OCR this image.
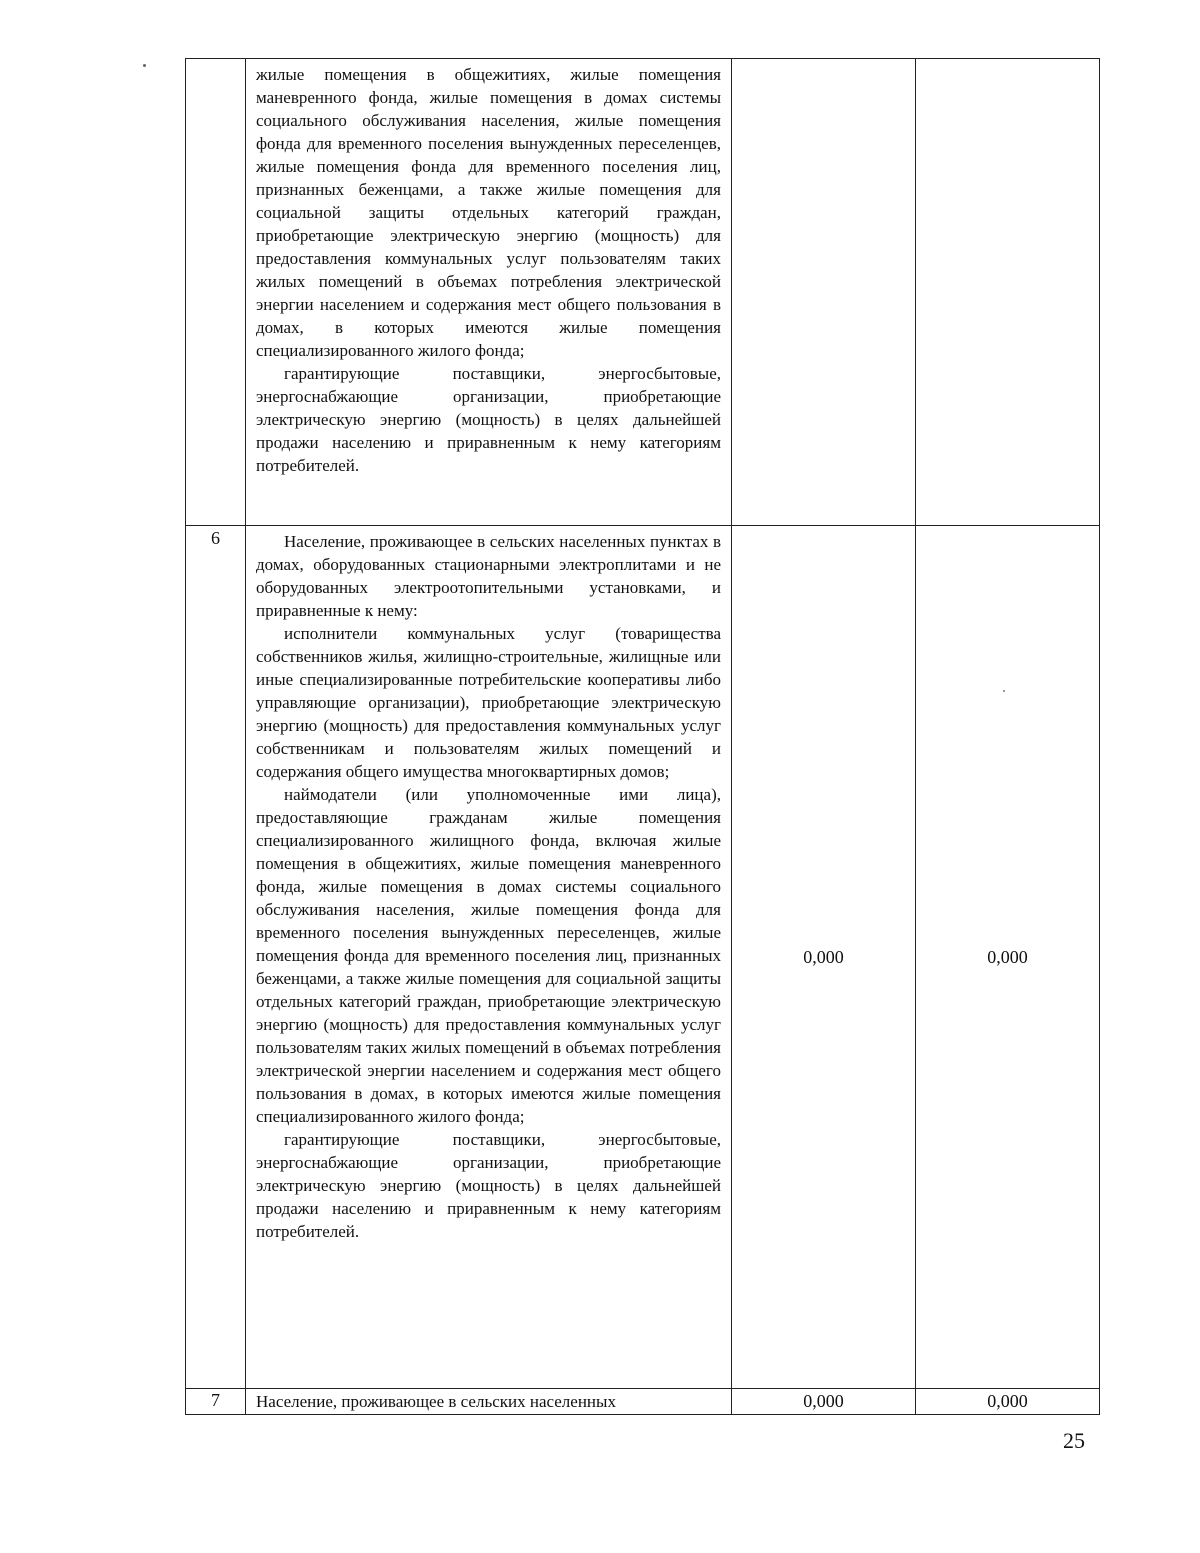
	жилые помещения в общежитиях, жилые помещения маневренного фонда, жилые помещения в домах системы социального обслуживания населения, жилые помещения фонда для временного поселения вынужденных переселенцев, жилые помещения фонда для временного поселения лиц, признанных беженцами, а также жилые помещения для социальной защиты отдельных категорий граждан, приобретающие электрическую энергию (мощность) для предоставления коммунальных услуг пользователям таких жилых помещений в объемах потребления электрической энергии населением и содержания мест общего пользования в домах, в которых имеются жилые помещения специализированного жилого фонда;

гарантирующие поставщики, энергосбытовые, энергоснабжающие организации, приобретающие электрическую энергию (мощность) в целях дальнейшей продажи населению и приравненным к нему категориям потребителей.		

6	Население, проживающее в сельских населенных пунктах в домах, оборудованных стационарными электроплитами и не оборудованных электроотопительными установками, и приравненные к нему:

исполнители коммунальных услуг (товарищества собственников жилья, жилищно-строительные, жилищные или иные специализированные потребительские кооперативы либо управляющие организации), приобретающие электрическую энергию (мощность) для предоставления коммунальных услуг собственникам и пользователям жилых помещений и содержания общего имущества многоквартирных домов;

наймодатели (или уполномоченные ими лица), предоставляющие гражданам жилые помещения специализированного жилищного фонда, включая жилые помещения в общежитиях, жилые помещения маневренного фонда, жилые помещения в домах системы социального обслуживания населения, жилые помещения фонда для временного поселения вынужденных переселенцев, жилые помещения фонда для временного поселения лиц, признанных беженцами, а также жилые помещения для социальной защиты отдельных категорий граждан, приобретающие электрическую энергию (мощность) для предоставления коммунальных услуг пользователям таких жилых помещений в объемах потребления электрической энергии населением и содержания мест общего пользования в домах, в которых имеются жилые помещения специализированного жилого фонда;

гарантирующие поставщики, энергосбытовые, энергоснабжающие организации, приобретающие электрическую энергию (мощность) в целях дальнейшей продажи населению и приравненным к нему категориям потребителей.	0,000	0,000

7	Население, проживающее в сельских населенных	0,000	0,000
25
